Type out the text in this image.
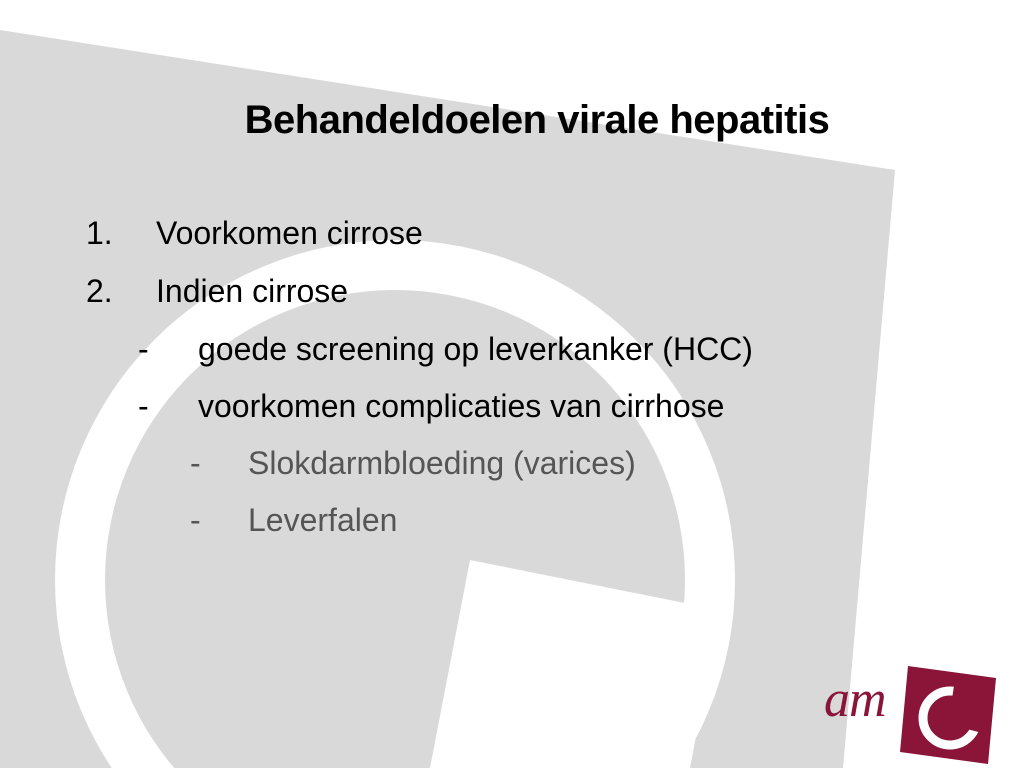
Behandeldoelen virale hepatitis
1. Voorkomen cirrose
2. Indien cirrose
- goede screening op leverkanker (HCC)
- voorkomen complicaties van cirrhose
- Slokdarmbloeding (varices)
- Leverfalen
am
